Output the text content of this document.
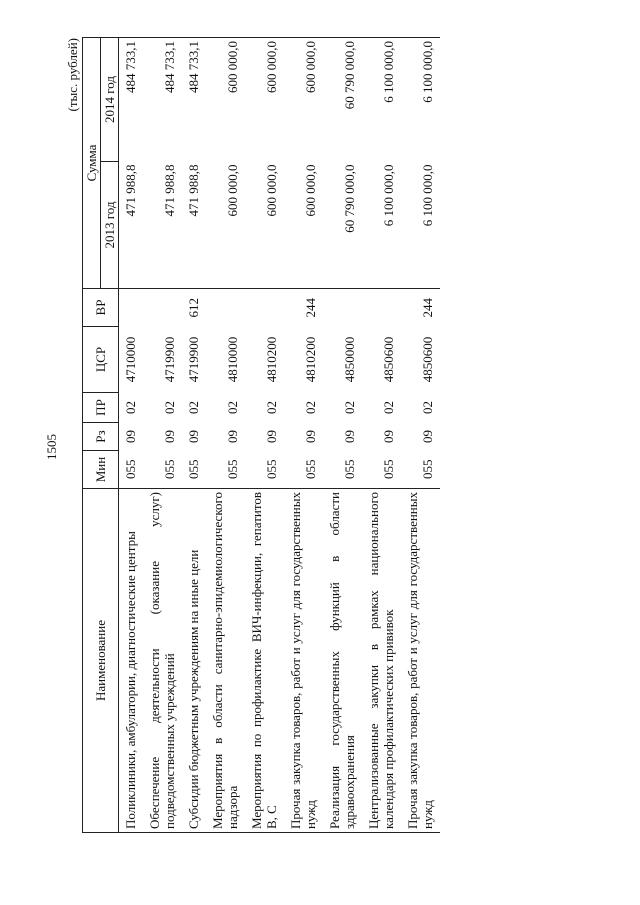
1505
(тыс. рублей)
Наименование	Мин	Рз	ПР	ЦСР	ВР	Сумма	
						2013 год	2014 год
Поликлиники, амбулатории, диагностические центры	055	09	02	4710000		471 988,8	484 733,1
Обеспечение деятельности (оказание услуг) подведомственных учреждений	055	09	02	4719900		471 988,8	484 733,1
Субсидии бюджетным учреждениям на иные цели	055	09	02	4719900	612	471 988,8	484 733,1
Мероприятия в области санитарно-эпидемиологического надзора	055	09	02	4810000		600 000,0	600 000,0
Мероприятия по профилактике ВИЧ-инфекции, гепатитов В, С	055	09	02	4810200		600 000,0	600 000,0
Прочая закупка товаров, работ и услуг для государственных нужд	055	09	02	4810200	244	600 000,0	600 000,0
Реализация государственных функций в области здравоохранения	055	09	02	4850000		60 790 000,0	60 790 000,0
Централизованные закупки в рамках национального календаря профилактических прививок	055	09	02	4850600		6 100 000,0	6 100 000,0
Прочая закупка товаров, работ и услуг для государственных нужд	055	09	02	4850600	244	6 100 000,0	6 100 000,0
